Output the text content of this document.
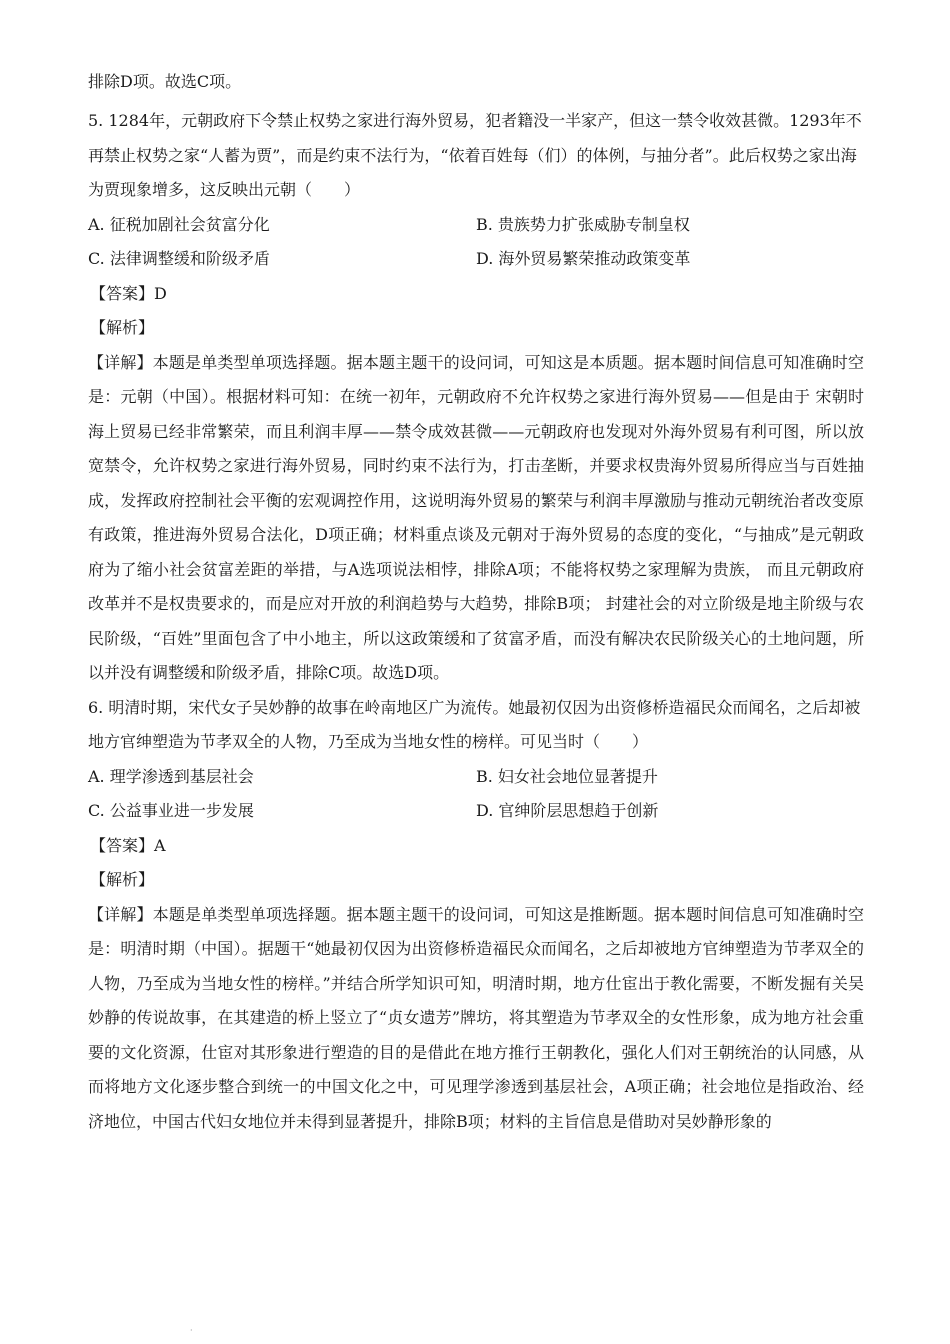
排除D项。故选C项。

5. 1284年，元朝政府下令禁止权势之家进行海外贸易，犯者籍没一半家产，但这一禁令收效甚微。1293年不再禁止权势之家“人蓄为贾”，而是约束不法行为，“依着百姓每（们）的体例，与抽分者”。此后权势之家出海为贾现象增多，这反映出元朝（　　）

A. 征税加剧社会贫富分化	B. 贵族势力扩张威胁专制皇权

C. 法律调整缓和阶级矛盾	D. 海外贸易繁荣推动政策变革

【答案】D

【解析】

【详解】本题是单类型单项选择题。据本题主题干的设问词，可知这是本质题。据本题时间信息可知准确时空是：元朝（中国）。根据材料可知：在统一初年，元朝政府不允许权势之家进行海外贸易——但是由于 宋朝时海上贸易已经非常繁荣，而且利润丰厚——禁令成效甚微——元朝政府也发现对外海外贸易有利可图，所以放宽禁令，允许权势之家进行海外贸易，同时约束不法行为，打击垄断，并要求权贵海外贸易所得应当与百姓抽成，发挥政府控制社会平衡的宏观调控作用，这说明海外贸易的繁荣与利润丰厚激励与推动元朝统治者改变原有政策，推进海外贸易合法化，D项正确；材料重点谈及元朝对于海外贸易的态度的变化，“与抽成”是元朝政府为了缩小社会贫富差距的举措，与A选项说法相悖，排除A项；不能将权势之家理解为贵族， 而且元朝政府改革并不是权贵要求的，而是应对开放的利润趋势与大趋势，排除B项； 封建社会的对立阶级是地主阶级与农民阶级，“百姓”里面包含了中小地主，所以这政策缓和了贫富矛盾，而没有解决农民阶级关心的土地问题，所以并没有调整缓和阶级矛盾，排除C项。故选D项。

6. 明清时期，宋代女子吴妙静的故事在岭南地区广为流传。她最初仅因为出资修桥造福民众而闻名，之后却被地方官绅塑造为节孝双全的人物，乃至成为当地女性的榜样。可见当时（　　）

A. 理学渗透到基层社会	B. 妇女社会地位显著提升

C. 公益事业进一步发展	D. 官绅阶层思想趋于创新

【答案】A

【解析】

【详解】本题是单类型单项选择题。据本题主题干的设问词，可知这是推断题。据本题时间信息可知准确时空是：明清时期（中国）。据题干“她最初仅因为出资修桥造福民众而闻名，之后却被地方官绅塑造为节孝双全的人物，乃至成为当地女性的榜样。”并结合所学知识可知，明清时期，地方仕宦出于教化需要，不断发掘有关吴妙静的传说故事，在其建造的桥上竖立了“贞女遗芳”牌坊，将其塑造为节孝双全的女性形象，成为地方社会重要的文化资源，仕宦对其形象进行塑造的目的是借此在地方推行王朝教化，强化人们对王朝统治的认同感，从而将地方文化逐步整合到统一的中国文化之中，可见理学渗透到基层社会，A项正确；社会地位是指政治、经济地位，中国古代妇女地位并未得到显著提升，排除B项；材料的主旨信息是借助对吴妙静形象的

·
